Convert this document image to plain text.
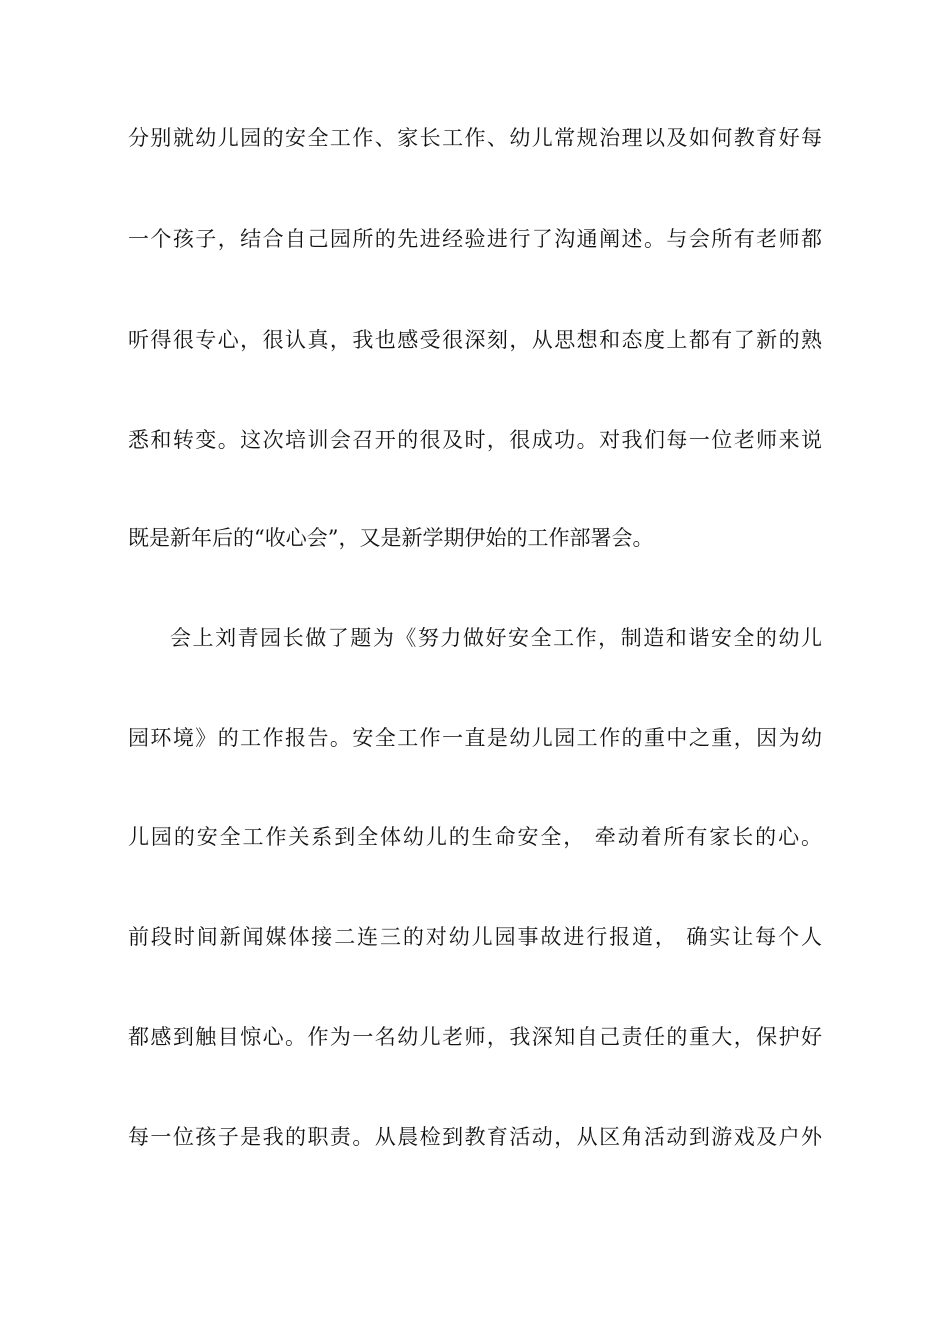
分别就幼儿园的安全工作、家长工作、幼儿常规治理以及如何教育好每
一个孩子，结合自己园所的先进经验进行了沟通阐述。与会所有老师都
听得很专心，很认真，我也感受很深刻，从思想和态度上都有了新的熟
悉和转变。这次培训会召开的很及时，很成功。对我们每一位老师来说
既是新年后的“收心会”，又是新学期伊始的工作部署会。
会上刘青园长做了题为《努力做好安全工作，制造和谐安全的幼儿
园环境》的工作报告。安全工作一直是幼儿园工作的重中之重，因为幼
儿园的安全工作关系到全体幼儿的生命安全， 牵动着所有家长的心。
前段时间新闻媒体接二连三的对幼儿园事故进行报道， 确实让每个人
都感到触目惊心。作为一名幼儿老师，我深知自己责任的重大，保护好
每一位孩子是我的职责。从晨检到教育活动，从区角活动到游戏及户外
